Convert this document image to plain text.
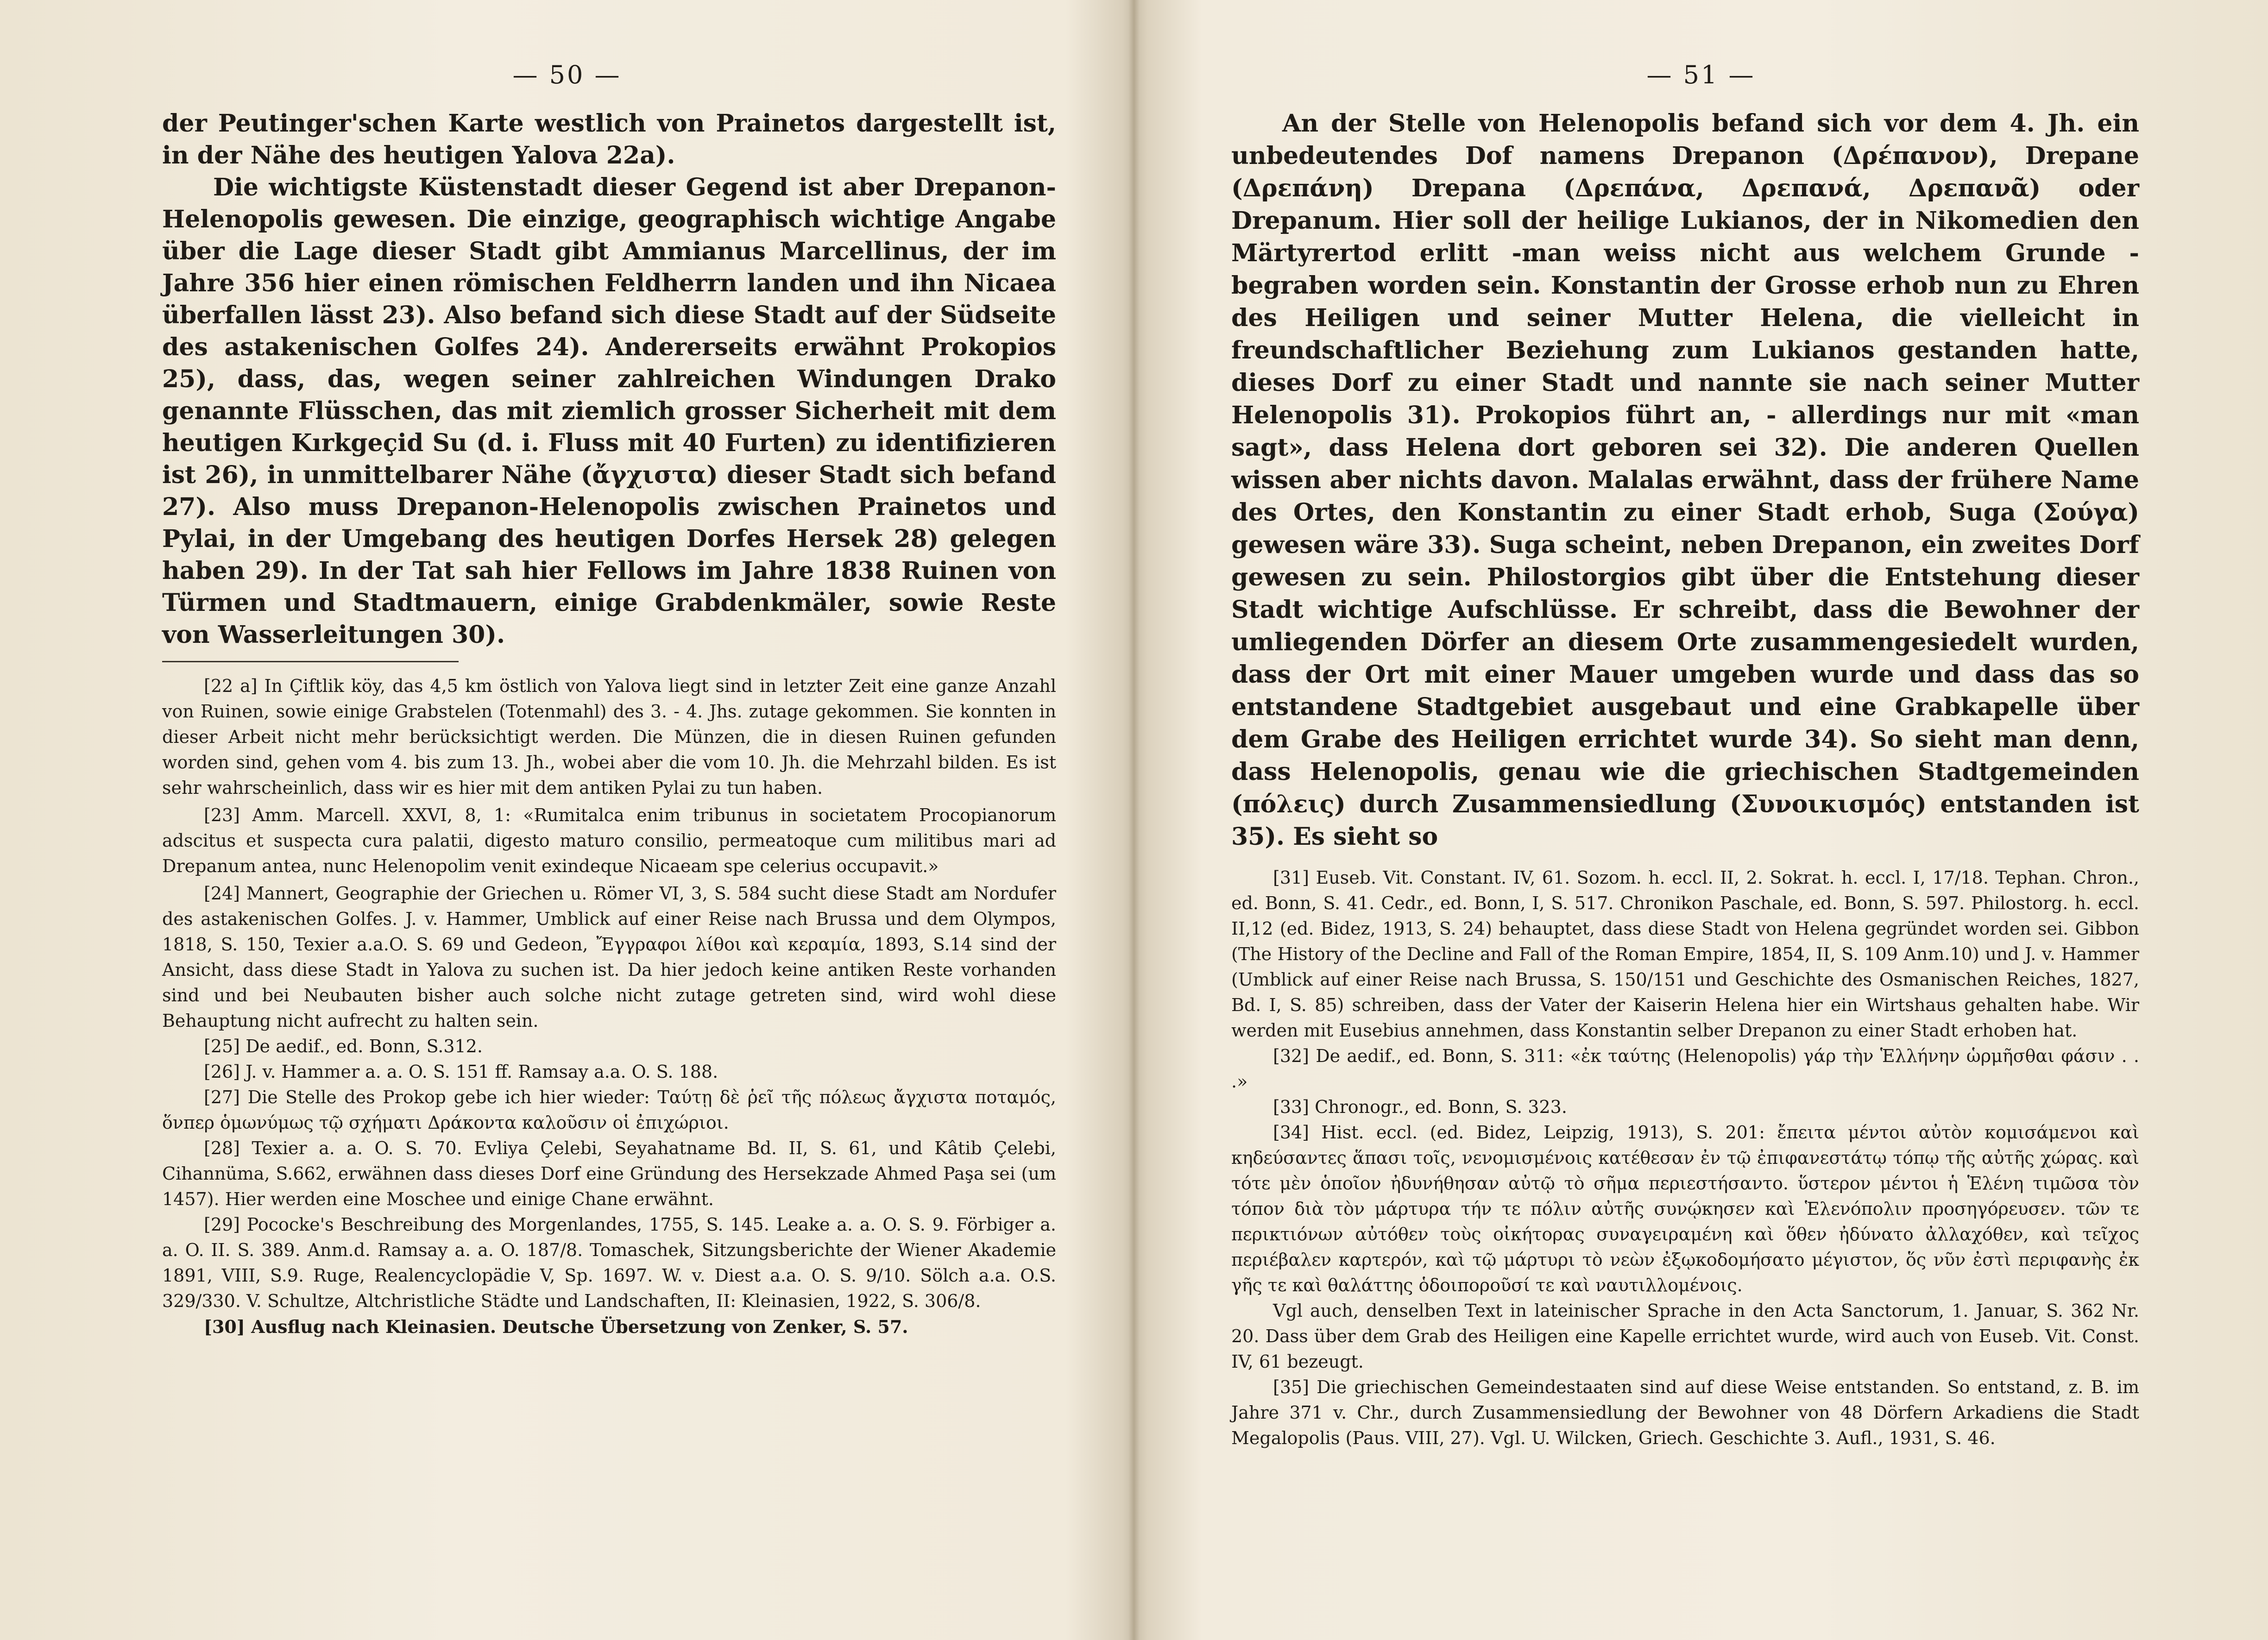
— 50 —

der Peutinger'schen Karte westlich von Prainetos dargestellt ist, in der Nähe des heutigen Yalova 22a).

Die wichtigste Küstenstadt dieser Gegend ist aber Drepanon-Helenopolis gewesen. Die einzige, geographisch wichtige Angabe über die Lage dieser Stadt gibt Ammianus Marcellinus, der im Jahre 356 hier einen römischen Feldherrn landen und ihn Nicaea überfallen lässt 23). Also befand sich diese Stadt auf der Südseite des astakenischen Golfes 24). Andererseits erwähnt Prokopios 25), dass, das, wegen seiner zahlreichen Windungen Drako genannte Flüsschen, das mit ziemlich grosser Sicherheit mit dem heutigen Kırkgeçid Su (d. i. Fluss mit 40 Furten) zu identifizieren ist 26), in unmittelbarer Nähe (ἄγχιστα) dieser Stadt sich befand 27). Also muss Drepanon-Helenopolis zwischen Prainetos und Pylai, in der Umgebang des heutigen Dorfes Hersek 28) gelegen haben 29). In der Tat sah hier Fellows im Jahre 1838 Ruinen von Türmen und Stadtmauern, einige Grabdenkmäler, sowie Reste von Wasserleitungen 30).

[22 a] In Çiftlik köy, das 4,5 km östlich von Yalova liegt sind in letzter Zeit eine ganze Anzahl von Ruinen, sowie einige Grabstelen (Totenmahl) des 3. - 4. Jhs. zutage gekommen. Sie konnten in dieser Arbeit nicht mehr berücksichtigt werden. Die Münzen, die in diesen Ruinen gefunden worden sind, gehen vom 4. bis zum 13. Jh., wobei aber die vom 10. Jh. die Mehrzahl bilden. Es ist sehr wahrscheinlich, dass wir es hier mit dem antiken Pylai zu tun haben.

[23] Amm. Marcell. XXVI, 8, 1: «Rumitalca enim tribunus in societatem Procopianorum adscitus et suspecta cura palatii, digesto maturo consilio, permeatoque cum militibus mari ad Drepanum antea, nunc Helenopolim venit exindeque Nicaeam spe celerius occupavit.»

[24] Mannert, Geographie der Griechen u. Römer VI, 3, S. 584 sucht diese Stadt am Nordufer des astakenischen Golfes. J. v. Hammer, Umblick auf einer Reise nach Brussa und dem Olympos, 1818, S. 150, Texier a.a.O. S. 69 und Gedeon, Ἔγγραφοι λίθοι καὶ κεραμία, 1893, S.14 sind der Ansicht, dass diese Stadt in Yalova zu suchen ist. Da hier jedoch keine antiken Reste vorhanden sind und bei Neubauten bisher auch solche nicht zutage getreten sind, wird wohl diese Behauptung nicht aufrecht zu halten sein.

[25] De aedif., ed. Bonn, S.312.

[26] J. v. Hammer a. a. O. S. 151 ff. Ramsay a.a. O. S. 188.

[27] Die Stelle des Prokop gebe ich hier wieder: Ταύτῃ δὲ ῥεῖ τῆς πόλεως ἄγχιστα ποταμός, ὅνπερ ὁμωνύμως τῷ σχήματι Δράκοντα καλοῦσιν οἱ ἐπιχώριοι.

[28] Texier a. a. O. S. 70. Evliya Çelebi, Seyahatname Bd. II, S. 61, und Kâtib Çelebi, Cihannüma, S.662, erwähnen dass dieses Dorf eine Gründung des Hersekzade Ahmed Paşa sei (um 1457). Hier werden eine Moschee und einige Chane erwähnt.

[29] Pococke's Beschreibung des Morgenlandes, 1755, S. 145. Leake a. a. O. S. 9. Förbiger a. a. O. II. S. 389. Anm.d. Ramsay a. a. O. 187/8. Tomaschek, Sitzungsberichte der Wiener Akademie 1891, VIII, S.9. Ruge, Realencyclopädie V, Sp. 1697. W. v. Diest a.a. O. S. 9/10. Sölch a.a. O.S. 329/330. V. Schultze, Altchristliche Städte und Landschaften, II: Kleinasien, 1922, S. 306/8.

[30] Ausflug nach Kleinasien. Deutsche Übersetzung von Zenker, S. 57.

— 51 —

An der Stelle von Helenopolis befand sich vor dem 4. Jh. ein unbedeutendes Dof namens Drepanon (Δρέπανον), Drepane (Δρεπάνη) Drepana (Δρεπάνα, Δρεπανά, Δρεπανᾶ) oder Drepanum. Hier soll der heilige Lukianos, der in Nikomedien den Märtyrertod erlitt -man weiss nicht aus welchem Grunde - begraben worden sein. Konstantin der Grosse erhob nun zu Ehren des Heiligen und seiner Mutter Helena, die vielleicht in freundschaftlicher Beziehung zum Lukianos gestanden hatte, dieses Dorf zu einer Stadt und nannte sie nach seiner Mutter Helenopolis 31). Prokopios führt an, - allerdings nur mit «man sagt», dass Helena dort geboren sei 32). Die anderen Quellen wissen aber nichts davon. Malalas erwähnt, dass der frühere Name des Ortes, den Konstantin zu einer Stadt erhob, Suga (Σούγα) gewesen wäre 33). Suga scheint, neben Drepanon, ein zweites Dorf gewesen zu sein. Philostorgios gibt über die Entstehung dieser Stadt wichtige Aufschlüsse. Er schreibt, dass die Bewohner der umliegenden Dörfer an diesem Orte zusammengesiedelt wurden, dass der Ort mit einer Mauer umgeben wurde und dass das so entstandene Stadtgebiet ausgebaut und eine Grabkapelle über dem Grabe des Heiligen errichtet wurde 34). So sieht man denn, dass Helenopolis, genau wie die griechischen Stadtgemeinden (πόλεις) durch Zusammensiedlung (Συνοικισμός) entstanden ist 35). Es sieht so

[31] Euseb. Vit. Constant. IV, 61. Sozom. h. eccl. II, 2. Sokrat. h. eccl. I, 17/18. Tephan. Chron., ed. Bonn, S. 41. Cedr., ed. Bonn, I, S. 517. Chronikon Paschale, ed. Bonn, S. 597. Philostorg. h. eccl. II,12 (ed. Bidez, 1913, S. 24) behauptet, dass diese Stadt von Helena gegründet worden sei. Gibbon (The History of the Decline and Fall of the Roman Empire, 1854, II, S. 109 Anm.10) und J. v. Hammer (Umblick auf einer Reise nach Brussa, S. 150/151 und Geschichte des Osmanischen Reiches, 1827, Bd. I, S. 85) schreiben, dass der Vater der Kaiserin Helena hier ein Wirtshaus gehalten habe. Wir werden mit Eusebius annehmen, dass Konstantin selber Drepanon zu einer Stadt erhoben hat.

[32] De aedif., ed. Bonn, S. 311: «ἐκ ταύτης (Helenopolis) γάρ τὴν Ἑλλήνην ὡρμῆσθαι φάσιν . . .»

[33] Chronogr., ed. Bonn, S. 323.

[34] Hist. eccl. (ed. Bidez, Leipzig, 1913), S. 201: ἔπειτα μέντοι αὐτὸν κομισάμενοι καὶ κηδεύσαντες ἅπασι τοῖς, νενομισμένοις κατέθεσαν ἐν τῷ ἐπιφανεστάτῳ τόπῳ τῆς αὐτῆς χώρας. καὶ τότε μὲν ὁποῖον ἠδυνήθησαν αὐτῷ τὸ σῆμα περιεστήσαντο. ὕστερον μέντοι ἡ Ἑλένη τιμῶσα τὸν τόπον διὰ τὸν μάρτυρα τήν τε πόλιν αὐτῆς συνῴκησεν καὶ Ἑλενόπολιν προσηγόρευσεν. τῶν τε περικτιόνων αὐτόθεν τοὺς οἰκήτορας συναγειραμένη καὶ ὅθεν ἠδύνατο ἀλλαχόθεν, καὶ τεῖχος περιέβαλεν καρτερόν, καὶ τῷ μάρτυρι τὸ νεὼν ἐξῳκοδομήσατο μέγιστον, ὅς νῦν ἐστὶ περιφανὴς ἐκ γῆς τε καὶ θαλάττης ὁδοιποροῦσί τε καὶ ναυτιλλομένοις.

Vgl auch, denselben Text in lateinischer Sprache in den Acta Sanctorum, 1. Januar, S. 362 Nr. 20. Dass über dem Grab des Heiligen eine Kapelle errichtet wurde, wird auch von Euseb. Vit. Const. IV, 61 bezeugt.

[35] Die griechischen Gemeindestaaten sind auf diese Weise entstanden. So entstand, z. B. im Jahre 371 v. Chr., durch Zusammensiedlung der Bewohner von 48 Dörfern Arkadiens die Stadt Megalopolis (Paus. VIII, 27). Vgl. U. Wilcken, Griech. Geschichte 3. Aufl., 1931, S. 46.
